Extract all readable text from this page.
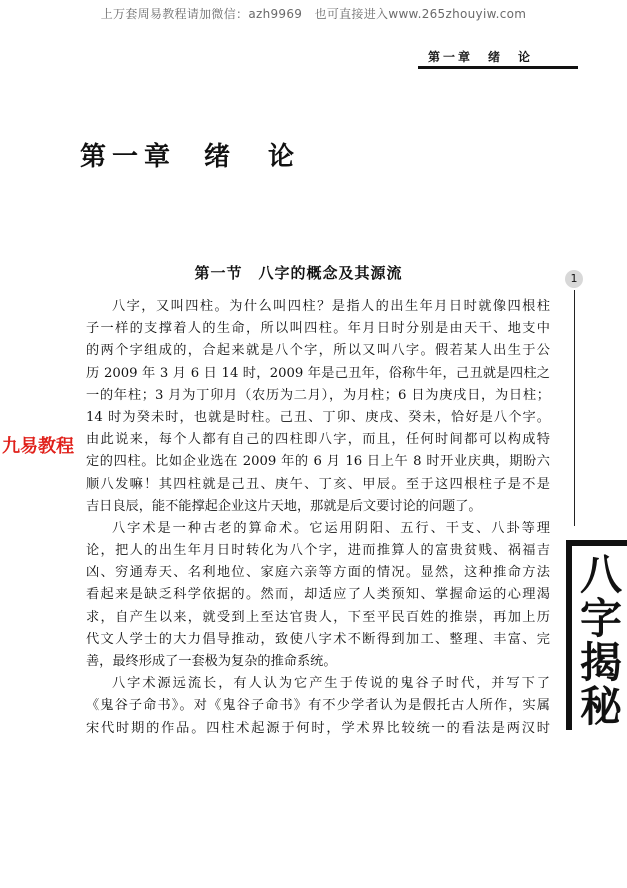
上万套周易教程请加微信：azh9969　也可直接进入www.265zhouyiw.com
第一章　绪　论
第一章 绪　论
第一节　八字的概念及其源流	1
八字，又叫四柱。为什么叫四柱？是指人的出生年月日时就像四根柱
子一样的支撑着人的生命，所以叫四柱。年月日时分别是由天干、地支中
的两个字组成的，合起来就是八个字，所以又叫八字。假若某人出生于公
历 2009 年 3 月 6 日 14 时，2009 年是己丑年，俗称牛年，己丑就是四柱之
一的年柱；3 月为丁卯月（农历为二月），为月柱；6 日为庚戌日，为日柱；
14 时为癸未时，也就是时柱。己丑、丁卯、庚戌、癸未，恰好是八个字。
由此说来，每个人都有自己的四柱即八字，而且，任何时间都可以构成特
定的四柱。比如企业选在 2009 年的 6 月 16 日上午 8 时开业庆典，期盼六
顺八发嘛！其四柱就是己丑、庚午、丁亥、甲辰。至于这四根柱子是不是
吉日良辰，能不能撑起企业这片天地，那就是后文要讨论的问题了。
八字术是一种古老的算命术。它运用阴阳、五行、干支、八卦等理
论，把人的出生年月日时转化为八个字，进而推算人的富贵贫贱、祸福吉
凶、穷通寿天、名利地位、家庭六亲等方面的情况。显然，这种推命方法
看起来是缺乏科学依据的。然而，却适应了人类预知、掌握命运的心理渴
求，自产生以来，就受到上至达官贵人，下至平民百姓的推崇，再加上历
代文人学士的大力倡导推动，致使八字术不断得到加工、整理、丰富、完
善，最终形成了一套极为复杂的推命系统。
八字术源远流长，有人认为它产生于传说的鬼谷子时代，并写下了
《鬼谷子命书》。对《鬼谷子命书》有不少学者认为是假托古人所作，实属
宋代时期的作品。四柱术起源于何时，学术界比较统一的看法是两汉时
八字揭秘
九易教程
